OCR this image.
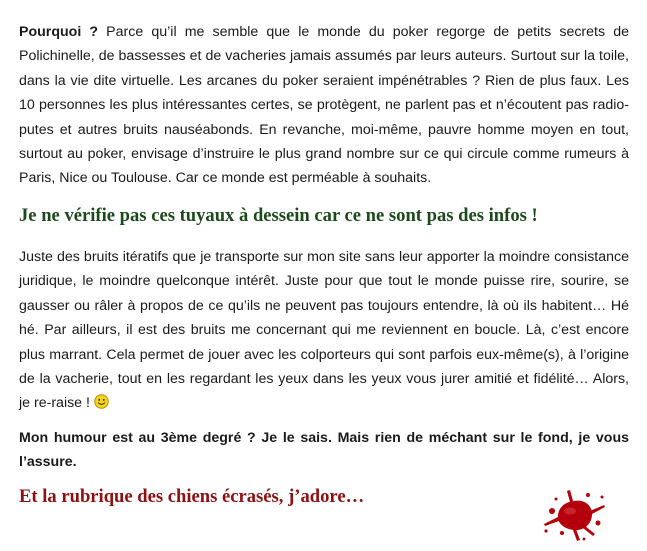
Pourquoi ? Parce qu’il me semble que le monde du poker regorge de petits secrets de Polichinelle, de bassesses et de vacheries jamais assumés par leurs auteurs. Surtout sur la toile, dans la vie dite virtuelle. Les arcanes du poker seraient impénétrables ? Rien de plus faux. Les 10 personnes les plus intéressantes certes, se protègent, ne parlent pas et n’écoutent pas radio-putes et autres bruits nauséabonds. En revanche, moi-même, pauvre homme moyen en tout, surtout au poker, envisage d’instruire le plus grand nombre sur ce qui circule comme rumeurs à Paris, Nice ou Toulouse. Car ce monde est perméable à souhaits.

Je ne vérifie pas ces tuyaux à dessein car ce ne sont pas des infos !

Juste des bruits itératifs que je transporte sur mon site sans leur apporter la moindre consistance juridique, le moindre quelconque intérêt. Juste pour que tout le monde puisse rire, sourire, se gausser ou râler à propos de ce qu’ils ne peuvent pas toujours entendre, là où ils habitent… Hé hé. Par ailleurs, il est des bruits me concernant qui me reviennent en boucle. Là, c’est encore plus marrant. Cela permet de jouer avec les colporteurs qui sont parfois eux-même(s), à l’origine de la vacherie, tout en les regardant les yeux dans les yeux vous jurer amitié et fidélité… Alors, je re-raise !

Mon humour est au 3ème degré ? Je le sais. Mais rien de méchant sur le fond, je vous l’assure.

Et la rubrique des chiens écrasés, j’adore…
